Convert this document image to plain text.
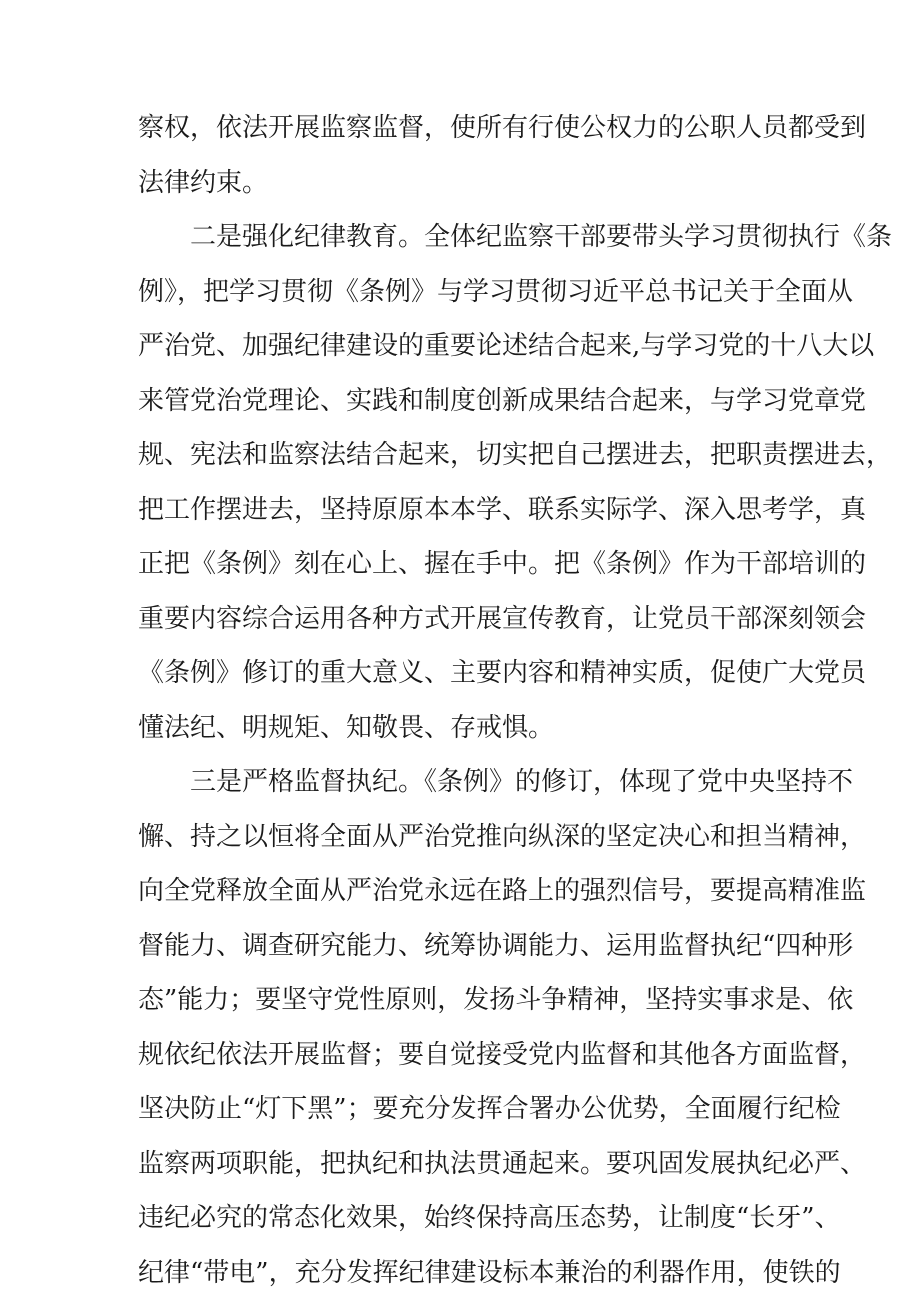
察权，依法开展监察监督，使所有行使公权力的公职人员都受到
法律约束。
二是强化纪律教育。全体纪监察干部要带头学习贯彻执行《条
例》，把学习贯彻《条例》与学习贯彻习近平总书记关于全面从
严治党、加强纪律建设的重要论述结合起来,与学习党的十八大以
来管党治党理论、实践和制度创新成果结合起来，与学习党章党
规、宪法和监察法结合起来，切实把自己摆进去，把职责摆进去，
把工作摆进去，坚持原原本本学、联系实际学、深入思考学，真
正把《条例》刻在心上、握在手中。把《条例》作为干部培训的
重要内容综合运用各种方式开展宣传教育，让党员干部深刻领会
《条例》修订的重大意义、主要内容和精神实质，促使广大党员
懂法纪、明规矩、知敬畏、存戒惧。
三是严格监督执纪。《条例》的修订，体现了党中央坚持不
懈、持之以恒将全面从严治党推向纵深的坚定决心和担当精神，
向全党释放全面从严治党永远在路上的强烈信号，要提高精准监
督能力、调查研究能力、统筹协调能力、运用监督执纪“四种形
态”能力；要坚守党性原则，发扬斗争精神，坚持实事求是、依
规依纪依法开展监督；要自觉接受党内监督和其他各方面监督，
坚决防止“灯下黑”；要充分发挥合署办公优势，全面履行纪检
监察两项职能，把执纪和执法贯通起来。要巩固发展执纪必严、
违纪必究的常态化效果，始终保持高压态势，让制度“长牙”、
纪律“带电”，充分发挥纪律建设标本兼治的利器作用，使铁的
